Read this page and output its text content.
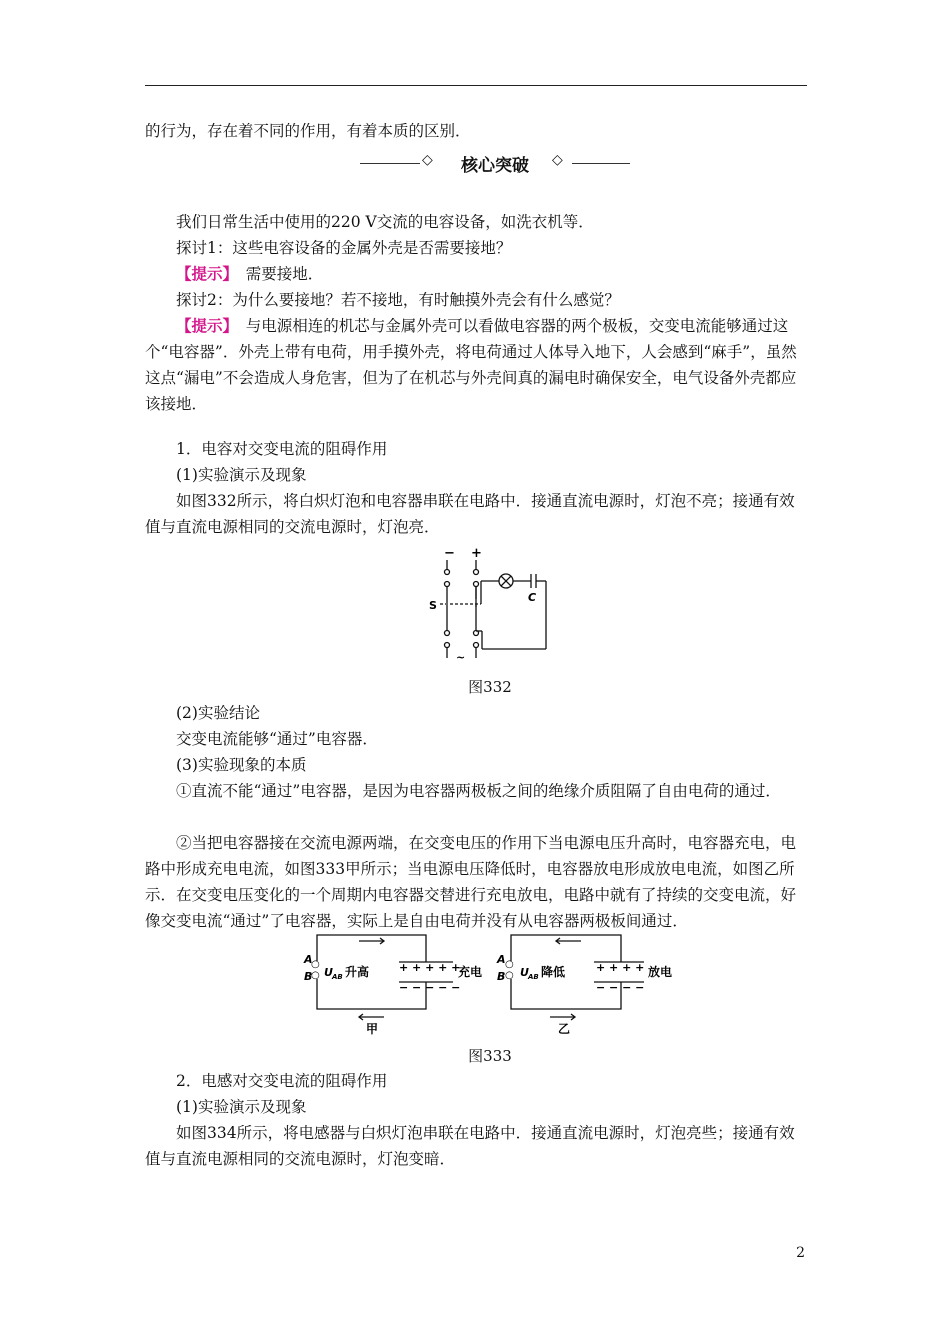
的行为，存在着不同的作用，有着本质的区别．

◇	核心突破	◇

我们日常生活中使用的220 V交流的电容设备，如洗衣机等．

探讨1：这些电容设备的金属外壳是否需要接地？

【提示】　需要接地．

探讨2：为什么要接地？若不接地，有时触摸外壳会有什么感觉？

【提示】　与电源相连的机芯与金属外壳可以看做电容器的两个极板，交变电流能够通过这个“电容器”．外壳上带有电荷，用手摸外壳，将电荷通过人体导入地下，人会感到“麻手”，虽然这点“漏电”不会造成人身危害，但为了在机芯与外壳间真的漏电时确保安全，电气设备外壳都应该接地．

1．电容对交变电流的阻碍作用

(1)实验演示及现象

如图332所示，将白炽灯泡和电容器串联在电路中．接通直流电源时，灯泡不亮；接通有效值与直流电源相同的交流电源时，灯泡亮．

− +
S
C
~
图332

(2)实验结论

交变电流能够“通过”电容器．

(3)实验现象的本质

①直流不能“通过”电容器，是因为电容器两极板之间的绝缘介质阻隔了自由电荷的通过．

②当把电容器接在交流电源两端，在交变电压的作用下当电源电压升高时，电容器充电，电路中形成充电电流，如图333甲所示；当电源电压降低时，电容器放电形成放电电流，如图乙所示．在交变电压变化的一个周期内电容器交替进行充电放电，电路中就有了持续的交变电流，好像交变电流“通过”了电容器，实际上是自由电荷并没有从电容器两极板间通过．

A
B
○
○ U AB 升高	+ + + + +
− − − − −
充电
甲
A
B
○
○ U AB 降低	+ + + +
− − − −
放电
乙
图333

2．电感对交变电流的阻碍作用

(1)实验演示及现象

如图334所示，将电感器与白炽灯泡串联在电路中．接通直流电源时，灯泡亮些；接通有效值与直流电源相同的交流电源时，灯泡变暗．

2
